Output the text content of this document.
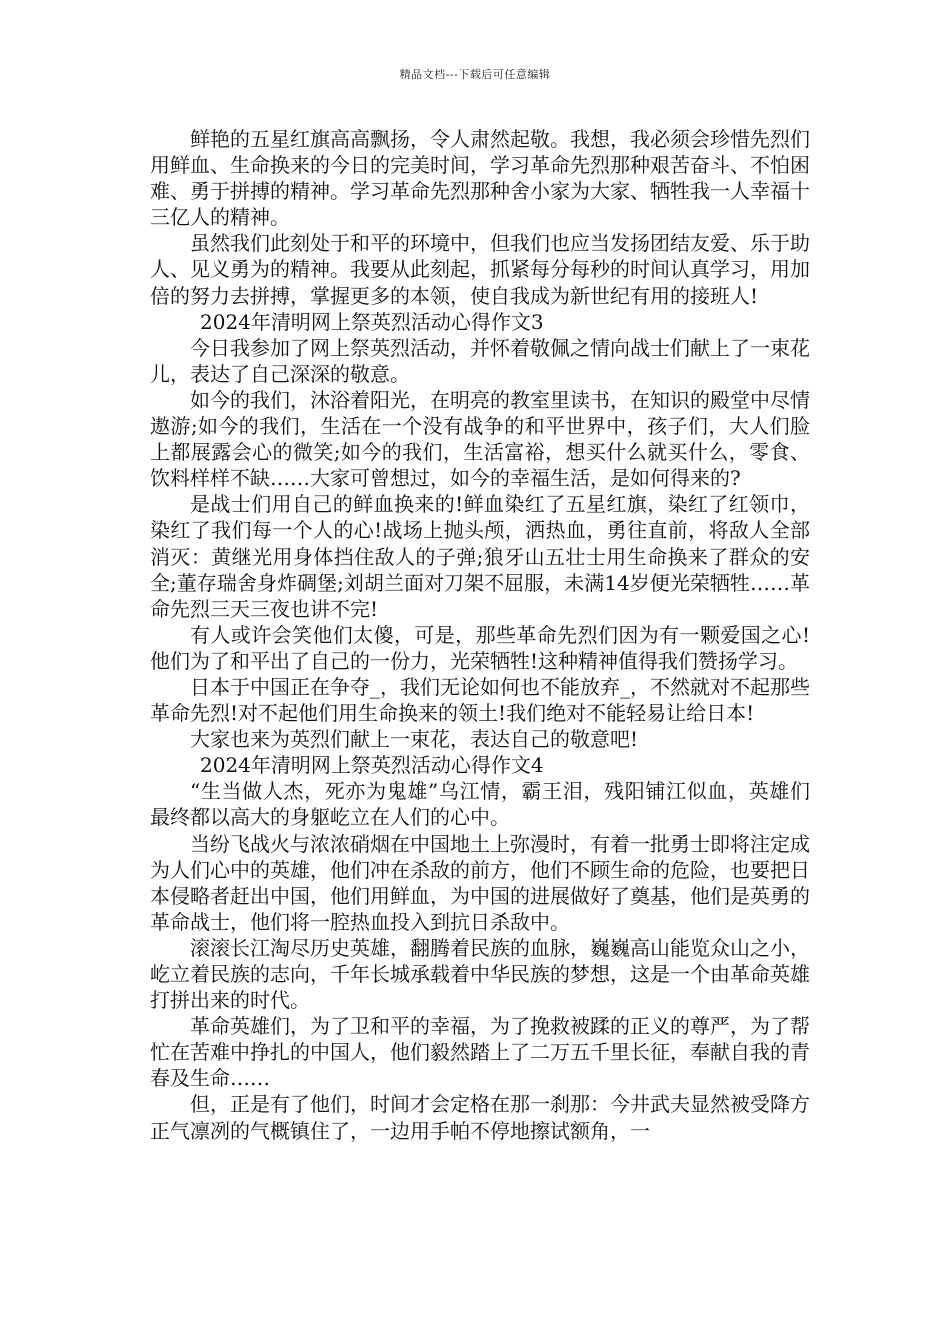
精品文档---下载后可任意编辑

鲜艳的五星红旗高高飘扬，令人肃然起敬。我想，我必须会珍惜先烈们用鲜血、生命换来的今日的完美时间，学习革命先烈那种艰苦奋斗、不怕困难、勇于拼搏的精神。学习革命先烈那种舍小家为大家、牺牲我一人幸福十三亿人的精神。

虽然我们此刻处于和平的环境中，但我们也应当发扬团结友爱、乐于助人、见义勇为的精神。我要从此刻起，抓紧每分每秒的时间认真学习，用加倍的努力去拼搏，掌握更多的本领，使自我成为新世纪有用的接班人!

2024年清明网上祭英烈活动心得作文3

今日我参加了网上祭英烈活动，并怀着敬佩之情向战士们献上了一束花儿，表达了自己深深的敬意。

如今的我们，沐浴着阳光，在明亮的教室里读书，在知识的殿堂中尽情遨游;如今的我们，生活在一个没有战争的和平世界中，孩子们，大人们脸上都展露会心的微笑;如今的我们，生活富裕，想买什么就买什么，零食、饮料样样不缺……大家可曾想过，如今的幸福生活，是如何得来的?

是战士们用自己的鲜血换来的!鲜血染红了五星红旗，染红了红领巾，染红了我们每一个人的心!战场上抛头颅，洒热血，勇往直前，将敌人全部消灭：黄继光用身体挡住敌人的子弹;狼牙山五壮士用生命换来了群众的安全;董存瑞舍身炸碉堡;刘胡兰面对刀架不屈服，未满14岁便光荣牺牲……革命先烈三天三夜也讲不完!

有人或许会笑他们太傻，可是，那些革命先烈们因为有一颗爱国之心!他们为了和平出了自己的一份力，光荣牺牲!这种精神值得我们赞扬学习。

日本于中国正在争夺_，我们无论如何也不能放弃_，不然就对不起那些革命先烈!对不起他们用生命换来的领土!我们绝对不能轻易让给日本!

大家也来为英烈们献上一束花，表达自己的敬意吧!

2024年清明网上祭英烈活动心得作文4

“生当做人杰，死亦为鬼雄”乌江情，霸王泪，残阳铺江似血，英雄们最终都以高大的身躯屹立在人们的心中。

当纷飞战火与浓浓硝烟在中国地土上弥漫时，有着一批勇士即将注定成为人们心中的英雄，他们冲在杀敌的前方，他们不顾生命的危险，也要把日本侵略者赶出中国，他们用鲜血，为中国的进展做好了奠基，他们是英勇的革命战士，他们将一腔热血投入到抗日杀敌中。

滚滚长江淘尽历史英雄，翻腾着民族的血脉，巍巍高山能览众山之小，屹立着民族的志向，千年长城承载着中华民族的梦想，这是一个由革命英雄打拼出来的时代。

革命英雄们，为了卫和平的幸福，为了挽救被蹂的正义的尊严，为了帮忙在苦难中挣扎的中国人，他们毅然踏上了二万五千里长征，奉献自我的青春及生命……

但，正是有了他们，时间才会定格在那一刹那：今井武夫显然被受降方正气凛冽的气概镇住了，一边用手帕不停地擦试额角，一
